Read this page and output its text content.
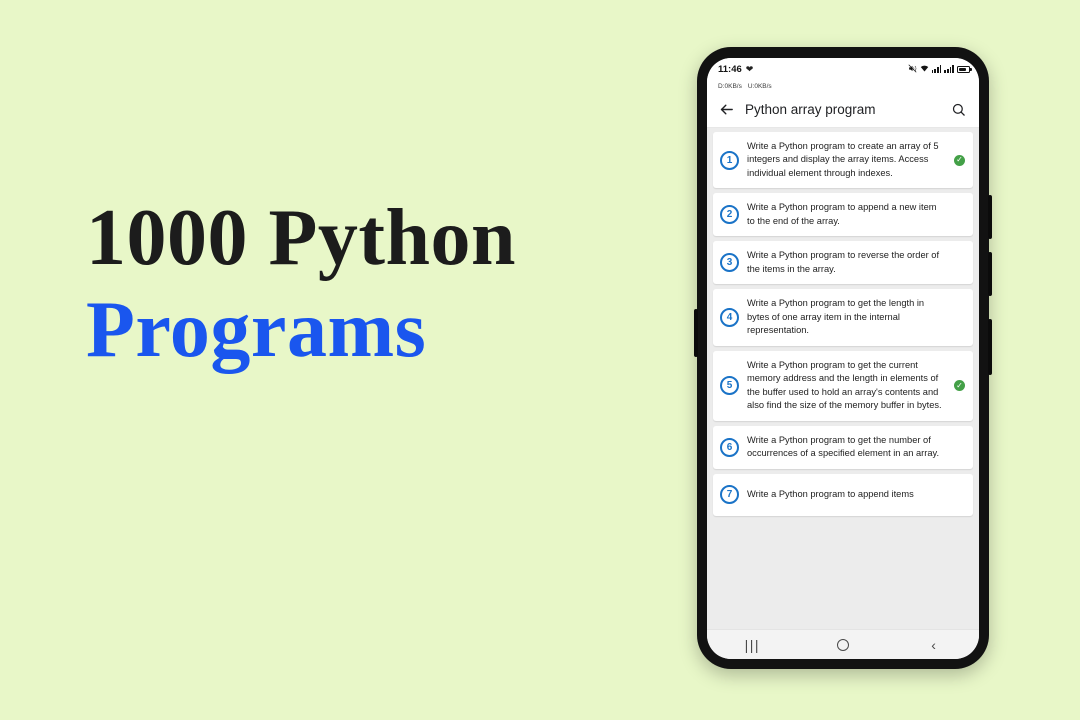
1000 Python
Programs
11:46 ❤
D:0KB/s U:0KB/s
Python array program
1
Write a Python program to create an array of 5 integers and display the array items. Access individual element through indexes.
✓
2
Write a Python program to append a new item to the end of the array.
3
Write a Python program to reverse the order of the items in the array.
4
Write a Python program to get the length in bytes of one array item in the internal representation.
5
Write a Python program to get the current memory address and the length in elements of the buffer used to hold an array's contents and also find the size of the memory buffer in bytes.
✓
6
Write a Python program to get the number of occurrences of a specified element in an array.
7	Write a Python program to append items
|||	‹
